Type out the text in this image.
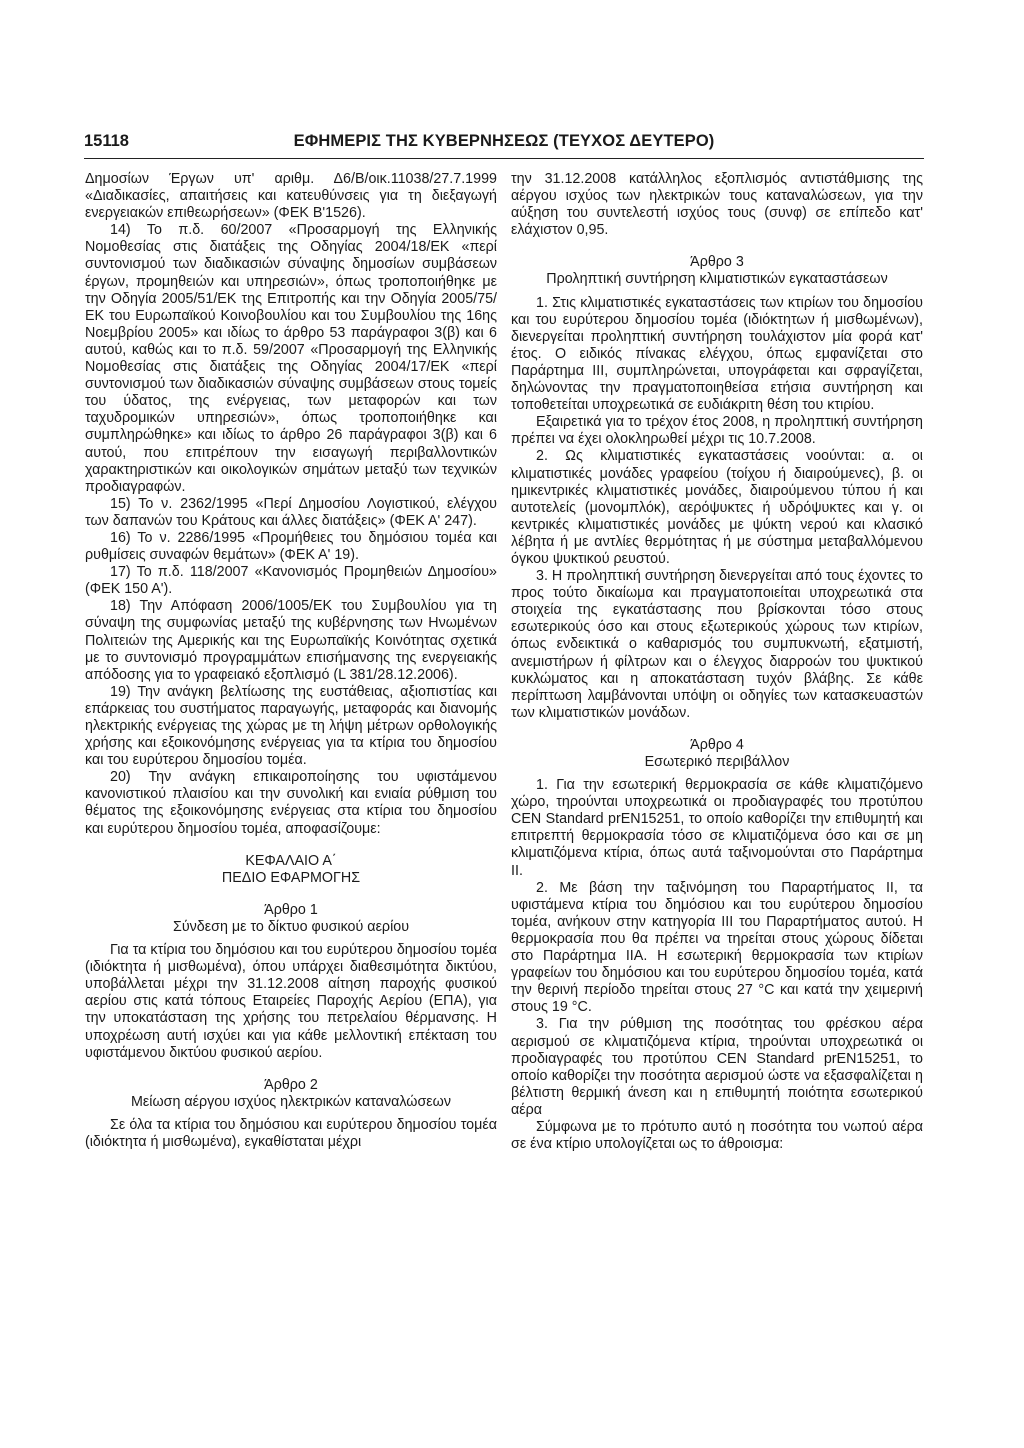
15118	ΕΦΗΜΕΡΙΣ ΤΗΣ ΚΥΒΕΡΝΗΣΕΩΣ (ΤΕΥΧΟΣ ΔΕΥΤΕΡΟ)

Δημοσίων Έργων υπ' αριθμ. Δ6/Β/οικ.11038/27.7.1999 «Διαδικασίες, απαιτήσεις και κατευθύνσεις για τη διεξαγωγή ενεργειακών επιθεωρήσεων» (ΦΕΚ Β'1526).

14) Το π.δ. 60/2007 «Προσαρμογή της Ελληνικής Νομοθεσίας στις διατάξεις της Οδηγίας 2004/18/ΕΚ «περί συντονισμού των διαδικασιών σύναψης δημοσίων συμβάσεων έργων, προμηθειών και υπηρεσιών», όπως τροποποιήθηκε με την Οδηγία 2005/51/ΕΚ της Επιτροπής και την Οδηγία 2005/75/ΕΚ του Ευρωπαϊκού Κοινοβουλίου και του Συμβουλίου της 16ης Νοεμβρίου 2005» και ιδίως το άρθρο 53 παράγραφοι 3(β) και 6 αυτού, καθώς και το π.δ. 59/2007 «Προσαρμογή της Ελληνικής Νομοθεσίας στις διατάξεις της Οδηγίας 2004/17/ΕΚ «περί συντονισμού των διαδικασιών σύναψης συμβάσεων στους τομείς του ύδατος, της ενέργειας, των μεταφορών και των ταχυδρομικών υπηρεσιών», όπως τροποποιήθηκε και συμπληρώθηκε» και ιδίως το άρθρο 26 παράγραφοι 3(β) και 6 αυτού, που επιτρέπουν την εισαγωγή περιβαλλοντικών χαρακτηριστικών και οικολογικών σημάτων μεταξύ των τεχνικών προδιαγραφών.

15) Το ν. 2362/1995 «Περί Δημοσίου Λογιστικού, ελέγχου των δαπανών του Κράτους και άλλες διατάξεις» (ΦΕΚ Α' 247).

16) Το ν. 2286/1995 «Προμήθειες του δημόσιου τομέα και ρυθμίσεις συναφών θεμάτων» (ΦΕΚ Α' 19).

17) Το π.δ. 118/2007 «Κανονισμός Προμηθειών Δημοσίου» (ΦΕΚ 150 Α').

18) Την Απόφαση 2006/1005/ΕΚ του Συμβουλίου για τη σύναψη της συμφωνίας μεταξύ της κυβέρνησης των Ηνωμένων Πολιτειών της Αμερικής και της Ευρωπαϊκής Κοινότητας σχετικά με το συντονισμό προγραμμάτων επισήμανσης της ενεργειακής απόδοσης για το γραφειακό εξοπλισμό (L 381/28.12.2006).

19) Την ανάγκη βελτίωσης της ευστάθειας, αξιοπιστίας και επάρκειας του συστήματος παραγωγής, μεταφοράς και διανομής ηλεκτρικής ενέργειας της χώρας με τη λήψη μέτρων ορθολογικής χρήσης και εξοικονόμησης ενέργειας για τα κτίρια του δημοσίου και του ευρύτερου δημοσίου τομέα.

20) Την ανάγκη επικαιροποίησης του υφιστάμενου κανονιστικού πλαισίου και την συνολική και ενιαία ρύθμιση του θέματος της εξοικονόμησης ενέργειας στα κτίρια του δημοσίου και ευρύτερου δημοσίου τομέα, αποφασίζουμε:

ΚΕΦΑΛΑΙΟ Α΄
ΠΕΔΙΟ ΕΦΑΡΜΟΓΗΣ
Άρθρο 1
Σύνδεση με το δίκτυο φυσικού αερίου

Για τα κτίρια του δημόσιου και του ευρύτερου δημοσίου τομέα (ιδιόκτητα ή μισθωμένα), όπου υπάρχει διαθεσιμότητα δικτύου, υποβάλλεται μέχρι την 31.12.2008 αίτηση παροχής φυσικού αερίου στις κατά τόπους Εταιρείες Παροχής Αερίου (ΕΠΑ), για την υποκατάσταση της χρήσης του πετρελαίου θέρμανσης. Η υποχρέωση αυτή ισχύει και για κάθε μελλοντική επέκταση του υφιστάμενου δικτύου φυσικού αερίου.

Άρθρο 2
Μείωση αέργου ισχύος ηλεκτρικών καταναλώσεων

Σε όλα τα κτίρια του δημόσιου και ευρύτερου δημοσίου τομέα (ιδιόκτητα ή μισθωμένα), εγκαθίσταται μέχρι

την 31.12.2008 κατάλληλος εξοπλισμός αντιστάθμισης της αέργου ισχύος των ηλεκτρικών τους καταναλώσεων, για την αύξηση του συντελεστή ισχύος τους (συνφ) σε επίπεδο κατ' ελάχιστον 0,95.

Άρθρο 3
Προληπτική συντήρηση κλιματιστικών εγκαταστάσεων

1. Στις κλιματιστικές εγκαταστάσεις των κτιρίων του δημοσίου και του ευρύτερου δημοσίου τομέα (ιδιόκτητων ή μισθωμένων), διενεργείται προληπτική συντήρηση τουλάχιστον μία φορά κατ' έτος. Ο ειδικός πίνακας ελέγχου, όπως εμφανίζεται στο Παράρτημα ΙΙΙ, συμπληρώνεται, υπογράφεται και σφραγίζεται, δηλώνοντας την πραγματοποιηθείσα ετήσια συντήρηση και τοποθετείται υποχρεωτικά σε ευδιάκριτη θέση του κτιρίου.

Εξαιρετικά για το τρέχον έτος 2008, η προληπτική συντήρηση πρέπει να έχει ολοκληρωθεί μέχρι τις 10.7.2008.

2. Ως κλιματιστικές εγκαταστάσεις νοούνται: α. οι κλιματιστικές μονάδες γραφείου (τοίχου ή διαιρούμενες), β. οι ημικεντρικές κλιματιστικές μονάδες, διαιρούμενου τύπου ή και αυτοτελείς (μονομπλόκ), αερόψυκτες ή υδρόψυκτες και γ. οι κεντρικές κλιματιστικές μονάδες με ψύκτη νερού και κλασικό λέβητα ή με αντλίες θερμότητας ή με σύστημα μεταβαλλόμενου όγκου ψυκτικού ρευστού.

3. Η προληπτική συντήρηση διενεργείται από τους έχοντες το προς τούτο δικαίωμα και πραγματοποιείται υποχρεωτικά στα στοιχεία της εγκατάστασης που βρίσκονται τόσο στους εσωτερικούς όσο και στους εξωτερικούς χώρους των κτιρίων, όπως ενδεικτικά ο καθαρισμός του συμπυκνωτή, εξατμιστή, ανεμιστήρων ή φίλτρων και ο έλεγχος διαρροών του ψυκτικού κυκλώματος και η αποκατάσταση τυχόν βλάβης. Σε κάθε περίπτωση λαμβάνονται υπόψη οι οδηγίες των κατασκευαστών των κλιματιστικών μονάδων.

Άρθρο 4
Εσωτερικό περιβάλλον

1. Για την εσωτερική θερμοκρασία σε κάθε κλιματιζόμενο χώρο, τηρούνται υποχρεωτικά οι προδιαγραφές του προτύπου CEN Standard prEN15251, το οποίο καθορίζει την επιθυμητή και επιτρεπτή θερμοκρασία τόσο σε κλιματιζόμενα όσο και σε μη κλιματιζόμενα κτίρια, όπως αυτά ταξινομούνται στο Παράρτημα ΙΙ.

2. Με βάση την ταξινόμηση του Παραρτήματος ΙΙ, τα υφιστάμενα κτίρια του δημόσιου και του ευρύτερου δημοσίου τομέα, ανήκουν στην κατηγορία ΙΙΙ του Παραρτήματος αυτού. Η θερμοκρασία που θα πρέπει να τηρείται στους χώρους δίδεται στο Παράρτημα ΙΙΑ. Η εσωτερική θερμοκρασία των κτιρίων γραφείων του δημόσιου και του ευρύτερου δημοσίου τομέα, κατά την θερινή περίοδο τηρείται στους 27 °C και κατά την χειμερινή στους 19 °C.

3. Για την ρύθμιση της ποσότητας του φρέσκου αέρα αερισμού σε κλιματιζόμενα κτίρια, τηρούνται υποχρεωτικά οι προδιαγραφές του προτύπου CEN Standard prEN15251, το οποίο καθορίζει την ποσότητα αερισμού ώστε να εξασφαλίζεται η βέλτιστη θερμική άνεση και η επιθυμητή ποιότητα εσωτερικού αέρα

Σύμφωνα με το πρότυπο αυτό η ποσότητα του νωπού αέρα σε ένα κτίριο υπολογίζεται ως το άθροισμα:
